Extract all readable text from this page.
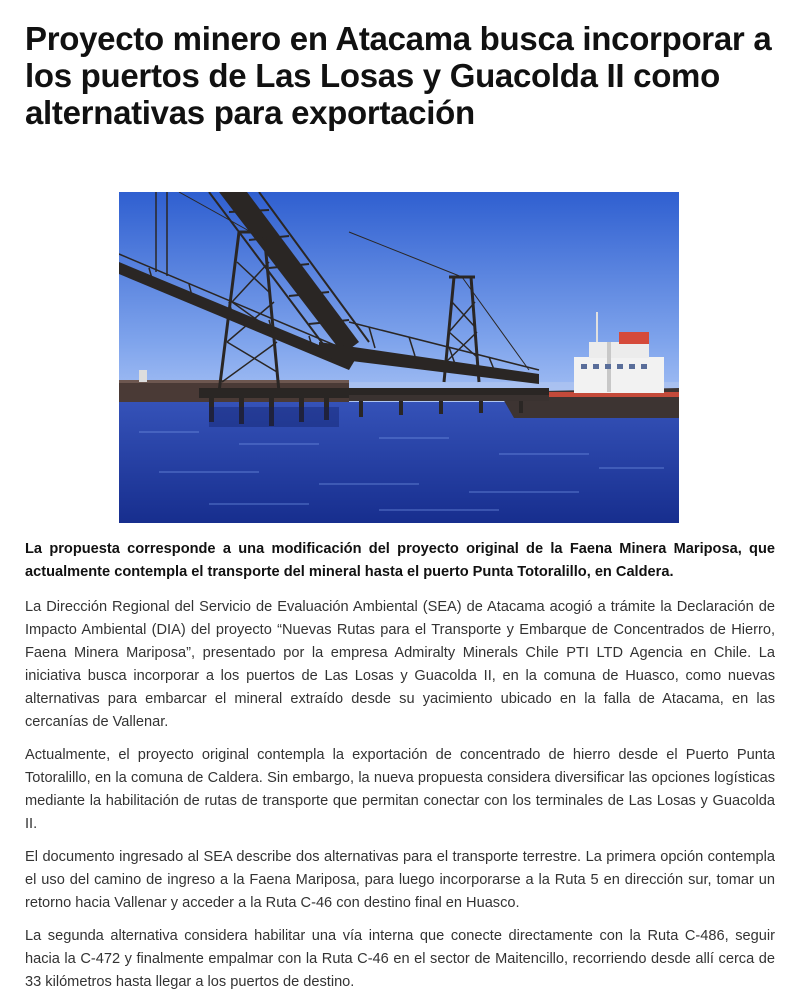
Proyecto minero en Atacama busca incorporar a los puertos de Las Losas y Guacolda II como alternativas para exportación

La propuesta corresponde a una modificación del proyecto original de la Faena Minera Mariposa, que actualmente contempla el transporte del mineral hasta el puerto Punta Totoralillo, en Caldera.

La Dirección Regional del Servicio de Evaluación Ambiental (SEA) de Atacama acogió a trámite la Declaración de Impacto Ambiental (DIA) del proyecto “Nuevas Rutas para el Transporte y Embarque de Concentrados de Hierro, Faena Minera Mariposa”, presentado por la empresa Admiralty Minerals Chile PTI LTD Agencia en Chile. La iniciativa busca incorporar a los puertos de Las Losas y Guacolda II, en la comuna de Huasco, como nuevas alternativas para embarcar el mineral extraído desde su yacimiento ubicado en la falla de Atacama, en las cercanías de Vallenar.

Actualmente, el proyecto original contempla la exportación de concentrado de hierro desde el Puerto Punta Totoralillo, en la comuna de Caldera. Sin embargo, la nueva propuesta considera diversificar las opciones logísticas mediante la habilitación de rutas de transporte que permitan conectar con los terminales de Las Losas y Guacolda II.

El documento ingresado al SEA describe dos alternativas para el transporte terrestre. La primera opción contempla el uso del camino de ingreso a la Faena Mariposa, para luego incorporarse a la Ruta 5 en dirección sur, tomar un retorno hacia Vallenar y acceder a la Ruta C-46 con destino final en Huasco.

La segunda alternativa considera habilitar una vía interna que conecte directamente con la Ruta C-486, seguir hacia la C-472 y finalmente empalmar con la Ruta C-46 en el sector de Maitencillo, recorriendo desde allí cerca de 33 kilómetros hasta llegar a los puertos de destino.
